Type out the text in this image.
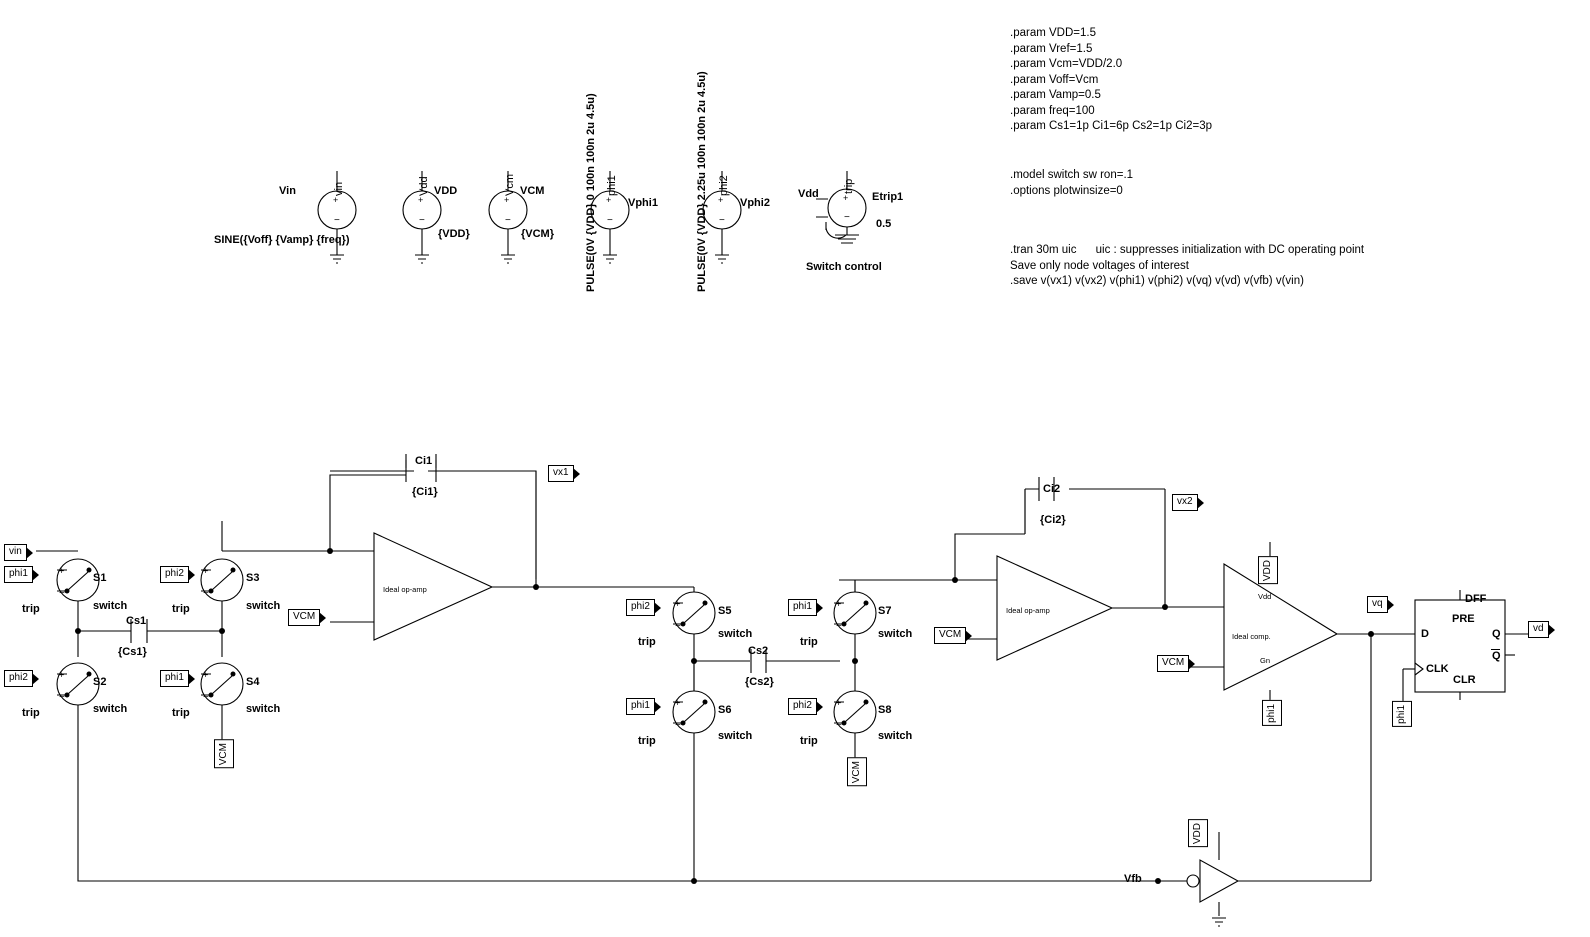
+
−
+
−
+
−
+
−
+
−
+
−
+
−
+
−
+
−
+
−
+
−
+
−
+
−
+
−
.param VDD=1.5
.param Vref=1.5
.param Vcm=VDD/2.0
.param Voff=Vcm
.param Vamp=0.5
.param freq=100
.param Cs1=1p Ci1=6p Cs2=1p Ci2=3p
.model switch sw ron=.1
.options plotwinsize=0
.tran 30m uic      uic : suppresses initialization with DC operating point
Save only node voltages of interest
.save v(vx1) v(vx2) v(phi1) v(phi2) v(vq) v(vd) v(vfb) v(vin)
Vin	vin
SINE({Voff} {Vamp} {freq})
VDD
Vdd
{VDD}
VCM
Vcm
{VCM}
Vphi1
phi1
PULSE(0V {VDD} 0 100n 100n 2u 4.5u)	Vphi2
phi2
PULSE(0V {VDD} 2.25u 100n 100n 2u 4.5u)	Etrip1
trip
Vdd
0.5
Switch control
Ci1
{Ci1}
Cs1
{Cs1}
Ci2
{Ci2}
Cs2
{Cs2}
S1
switch
S2
switch
S3
switch
S4
switch
S5
switch
S6
switch
S7
switch
S8
switch
trip
trip
trip
trip
trip
trip
trip
trip
Ideal op-amp
Ideal op-amp
Ideal comp.
Vdd
Gn
DFF
PRE
CLR
D
CLK
Q
Q
Vfb
vin
vx1
vx2
vq
vd
VCM
VCM
VCM
VCM
VCM
VDD
VDD
phi1	phi1
phi1
phi2
phi2
phi1
phi2
phi1
phi1
phi2
